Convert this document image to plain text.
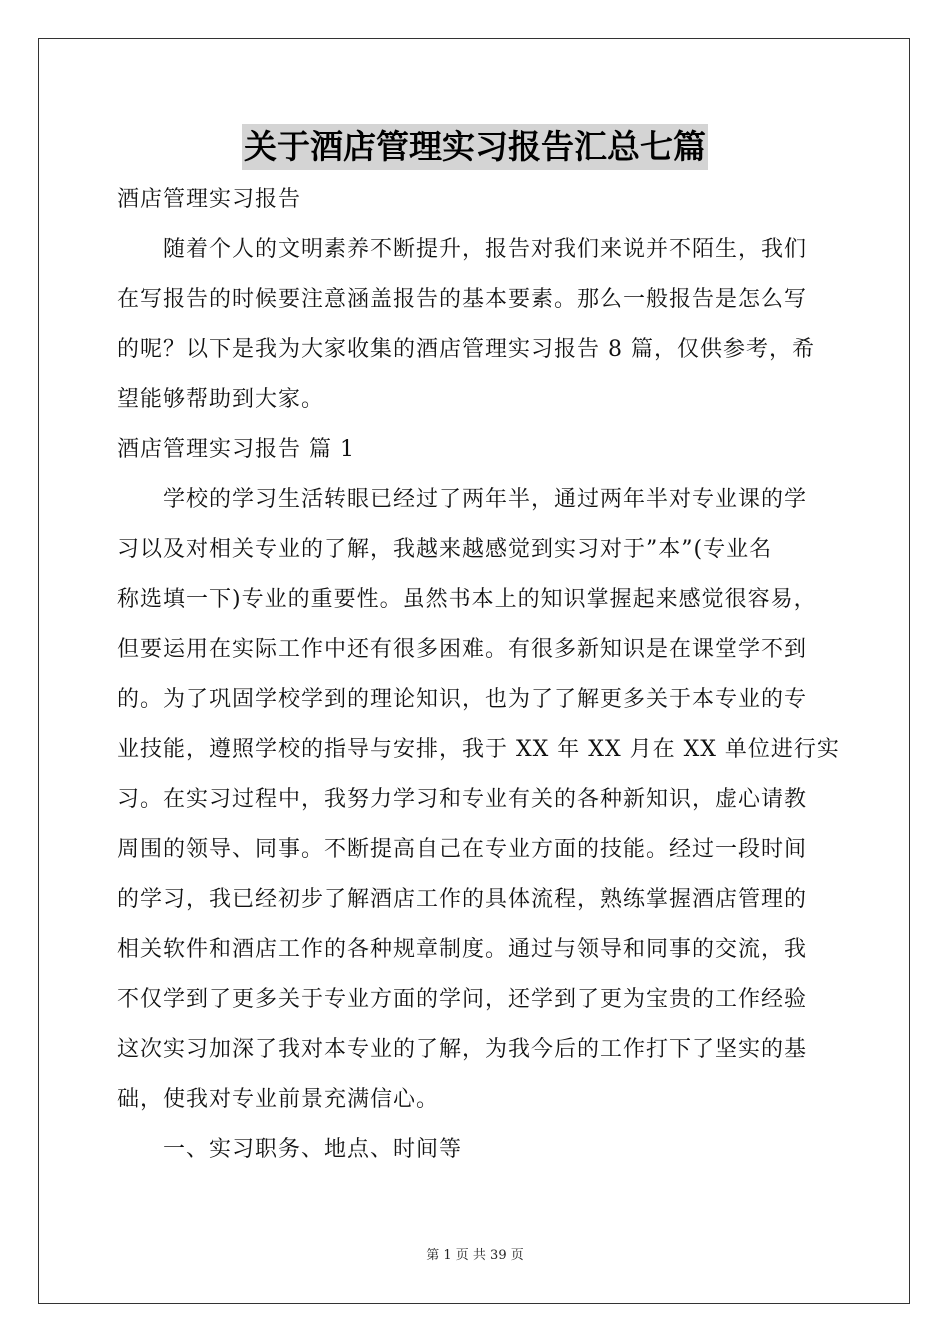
关于酒店管理实习报告汇总七篇
酒店管理实习报告
随着个人的文明素养不断提升，报告对我们来说并不陌生，我们
在写报告的时候要注意涵盖报告的基本要素。那么一般报告是怎么写
的呢？以下是我为大家收集的酒店管理实习报告 8 篇，仅供参考，希
望能够帮助到大家。
酒店管理实习报告 篇 1
学校的学习生活转眼已经过了两年半，通过两年半对专业课的学
习以及对相关专业的了解，我越来越感觉到实习对于”本”(专业名
称选填一下)专业的重要性。虽然书本上的知识掌握起来感觉很容易，
但要运用在实际工作中还有很多困难。有很多新知识是在课堂学不到
的。为了巩固学校学到的理论知识，也为了了解更多关于本专业的专
业技能，遵照学校的指导与安排，我于 XX 年 XX 月在 XX 单位进行实
习。在实习过程中，我努力学习和专业有关的各种新知识，虚心请教
周围的领导、同事。不断提高自己在专业方面的技能。经过一段时间
的学习，我已经初步了解酒店工作的具体流程，熟练掌握酒店管理的
相关软件和酒店工作的各种规章制度。通过与领导和同事的交流，我
不仅学到了更多关于专业方面的学问，还学到了更为宝贵的工作经验
这次实习加深了我对本专业的了解，为我今后的工作打下了坚实的基
础，使我对专业前景充满信心。
一、实习职务、地点、时间等
第 1 页 共 39 页
